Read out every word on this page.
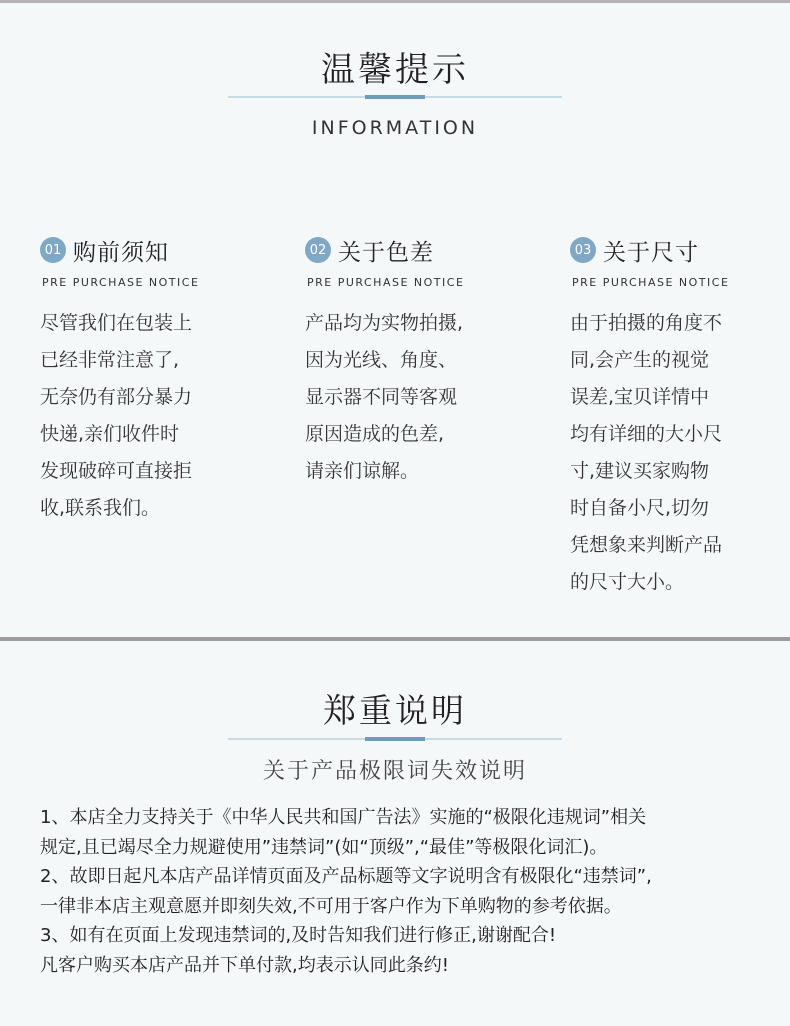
温馨提示
INFORMATION
01 购前须知
PRE PURCHASE NOTICE
尽管我们在包装上
已经非常注意了,
无奈仍有部分暴力
快递,亲们收件时
发现破碎可直接拒
收,联系我们。
02 关于色差
PRE PURCHASE NOTICE
产品均为实物拍摄,
因为光线、角度、
显示器不同等客观
原因造成的色差,
请亲们谅解。
03 关于尺寸
PRE PURCHASE NOTICE
由于拍摄的角度不
同,会产生的视觉
误差,宝贝详情中
均有详细的大小尺
寸,建议买家购物
时自备小尺,切勿
凭想象来判断产品
的尺寸大小。
郑重说明
关于产品极限词失效说明
1、本店全力支持关于《中华人民共和国广告法》实施的“极限化违规词”相关
规定,且已竭尽全力规避使用”违禁词”(如“顶级”,“最佳”等极限化词汇)。
2、故即日起凡本店产品详情页面及产品标题等文字说明含有极限化“违禁词”,
一律非本店主观意愿并即刻失效,不可用于客户作为下单购物的参考依据。
3、如有在页面上发现违禁词的,及时告知我们进行修正,谢谢配合!
凡客户购买本店产品并下单付款,均表示认同此条约!
